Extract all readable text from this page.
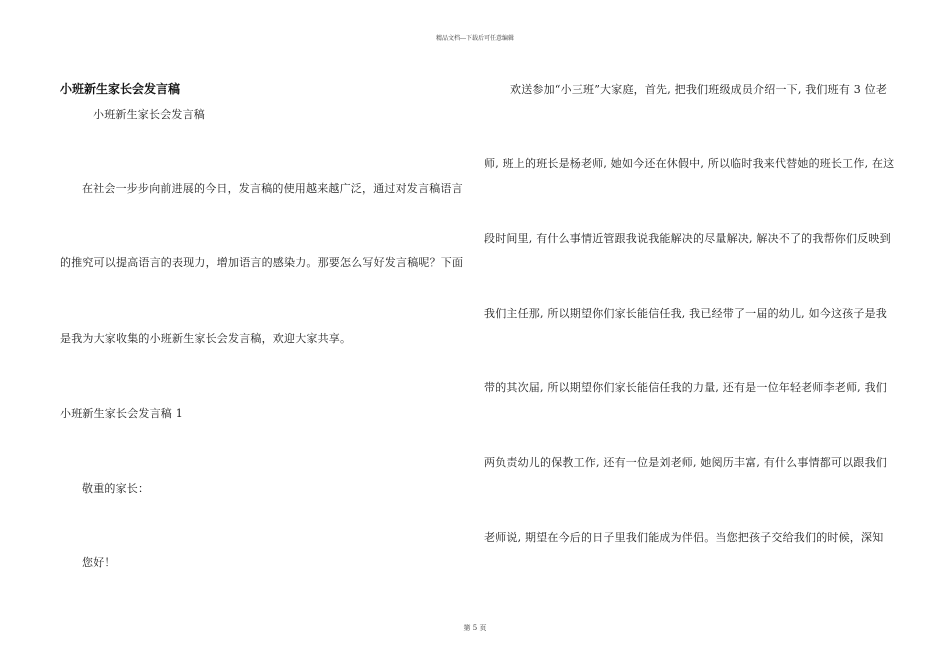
精品文档---下载后可任意编辑
小班新生家长会发言稿
小班新生家长会发言稿
在社会一步步向前进展的今日，发言稿的使用越来越广泛，通过对发言稿语言
的推究可以提高语言的表现力，增加语言的感染力。那要怎么写好发言稿呢？下面
是我为大家收集的小班新生家长会发言稿，欢迎大家共享。
小班新生家长会发言稿 1
敬重的家长：
您好！
欢送参加“小三班”大家庭，首先, 把我们班级成员介绍一下, 我们班有 3 位老
师, 班上的班长是杨老师, 她如今还在休假中, 所以临时我来代替她的班长工作, 在这
段时间里, 有什么事情近管跟我说我能解决的尽量解决, 解决不了的我帮你们反映到
我们主任那, 所以期望你们家长能信任我, 我已经带了一届的幼儿, 如今这孩子是我
带的其次届, 所以期望你们家长能信任我的力量, 还有是一位年轻老师李老师, 我们
两负责幼儿的保教工作, 还有一位是刘老师, 她阅历丰富, 有什么事情都可以跟我们
老师说, 期望在今后的日子里我们能成为伴侣。当您把孩子交给我们的时候，深知
第 5 页
